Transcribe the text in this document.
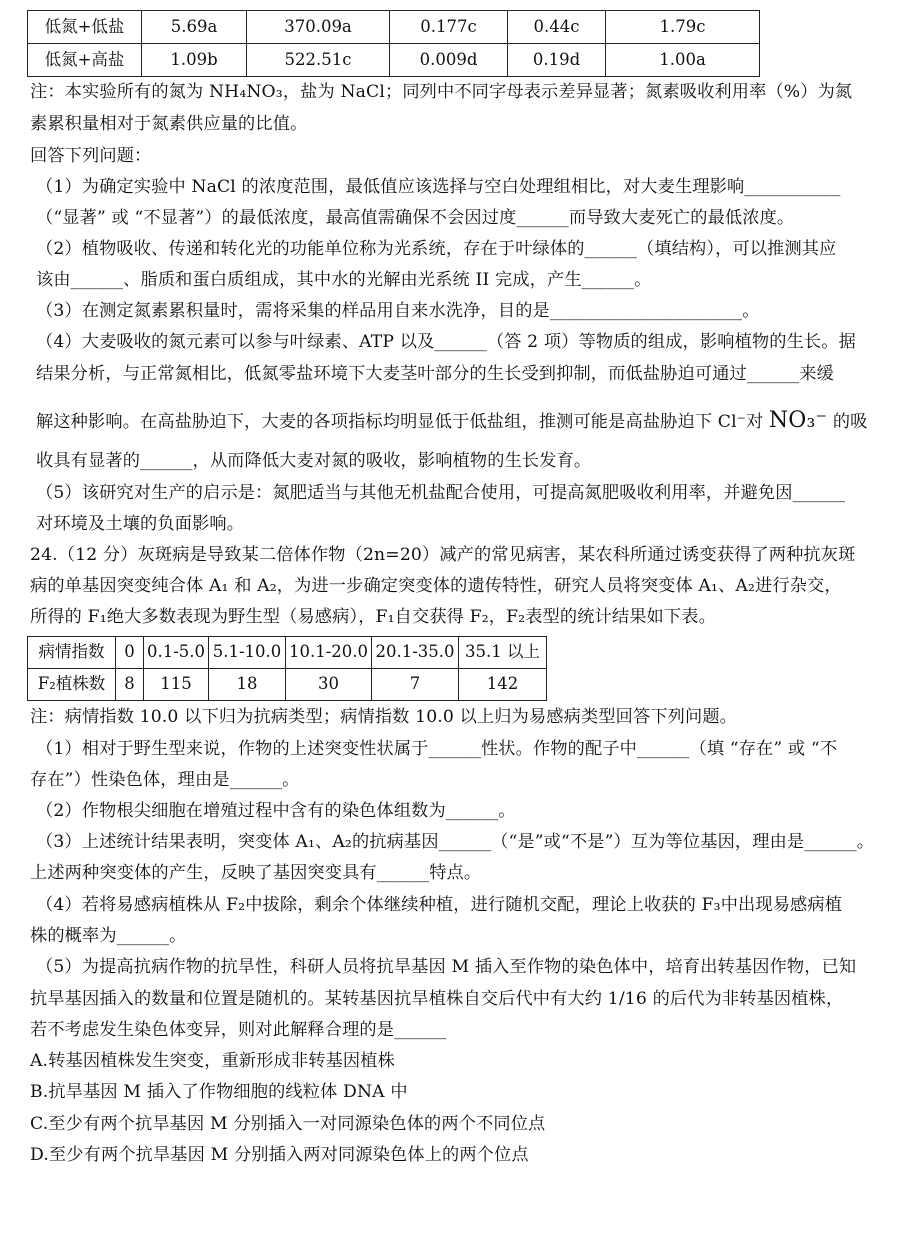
低氮+低盐	5.69a	370.09a	0.177c	0.44c	1.79c
低氮+高盐	1.09b	522.51c	0.009d	0.19d	1.00a
注：本实验所有的氮为 NH₄NO₃，盐为 NaCl；同列中不同字母表示差异显著；氮素吸收利用率（%）为氮
素累积量相对于氮素供应量的比值。
回答下列问题：
（1）为确定实验中 NaCl 的浓度范围，最低值应该选择与空白处理组相比，对大麦生理影响___________
（“显著” 或 “不显著”）的最低浓度，最高值需确保不会因过度______而导致大麦死亡的最低浓度。
（2）植物吸收、传递和转化光的功能单位称为光系统，存在于叶绿体的______（填结构），可以推测其应
该由______、脂质和蛋白质组成，其中水的光解由光系统 II 完成，产生______。
（3）在测定氮素累积量时，需将采集的样品用自来水洗净，目的是______________________。
（4）大麦吸收的氮元素可以参与叶绿素、ATP 以及______（答 2 项）等物质的组成，影响植物的生长。据
结果分析，与正常氮相比，低氮零盐环境下大麦茎叶部分的生长受到抑制，而低盐胁迫可通过______来缓
解这种影响。在高盐胁迫下，大麦的各项指标均明显低于低盐组，推测可能是高盐胁迫下 Cl⁻对 NO₃⁻ 的吸
收具有显著的______，从而降低大麦对氮的吸收，影响植物的生长发育。
（5）该研究对生产的启示是：氮肥适当与其他无机盐配合使用，可提高氮肥吸收利用率，并避免因______
对环境及土壤的负面影响。
24.（12 分）灰斑病是导致某二倍体作物（2n=20）减产的常见病害，某农科所通过诱变获得了两种抗灰斑
病的单基因突变纯合体 A₁ 和 A₂，为进一步确定突变体的遗传特性，研究人员将突变体 A₁、A₂进行杂交，
所得的 F₁绝大多数表现为野生型（易感病），F₁自交获得 F₂，F₂表型的统计结果如下表。
病情指数	0	0.1-5.0	5.1-10.0	10.1-20.0	20.1-35.0	35.1 以上
F₂植株数	8	115	18	30	7	142
注：病情指数 10.0 以下归为抗病类型；病情指数 10.0 以上归为易感病类型回答下列问题。
（1）相对于野生型来说，作物的上述突变性状属于______性状。作物的配子中______（填 “存在” 或 “不
存在”）性染色体，理由是______。
（2）作物根尖细胞在增殖过程中含有的染色体组数为______。
（3）上述统计结果表明，突变体 A₁、A₂的抗病基因______（“是”或“不是”）互为等位基因，理由是______。
上述两种突变体的产生，反映了基因突变具有______特点。
（4）若将易感病植株从 F₂中拔除，剩余个体继续种植，进行随机交配，理论上收获的 F₃中出现易感病植
株的概率为______。
（5）为提高抗病作物的抗旱性，科研人员将抗旱基因 M 插入至作物的染色体中，培育出转基因作物，已知
抗旱基因插入的数量和位置是随机的。某转基因抗旱植株自交后代中有大约 1/16 的后代为非转基因植株，
若不考虑发生染色体变异，则对此解释合理的是______
A.转基因植株发生突变，重新形成非转基因植株
B.抗旱基因 M 插入了作物细胞的线粒体 DNA 中
C.至少有两个抗旱基因 M 分别插入一对同源染色体的两个不同位点
D.至少有两个抗旱基因 M 分别插入两对同源染色体上的两个位点
